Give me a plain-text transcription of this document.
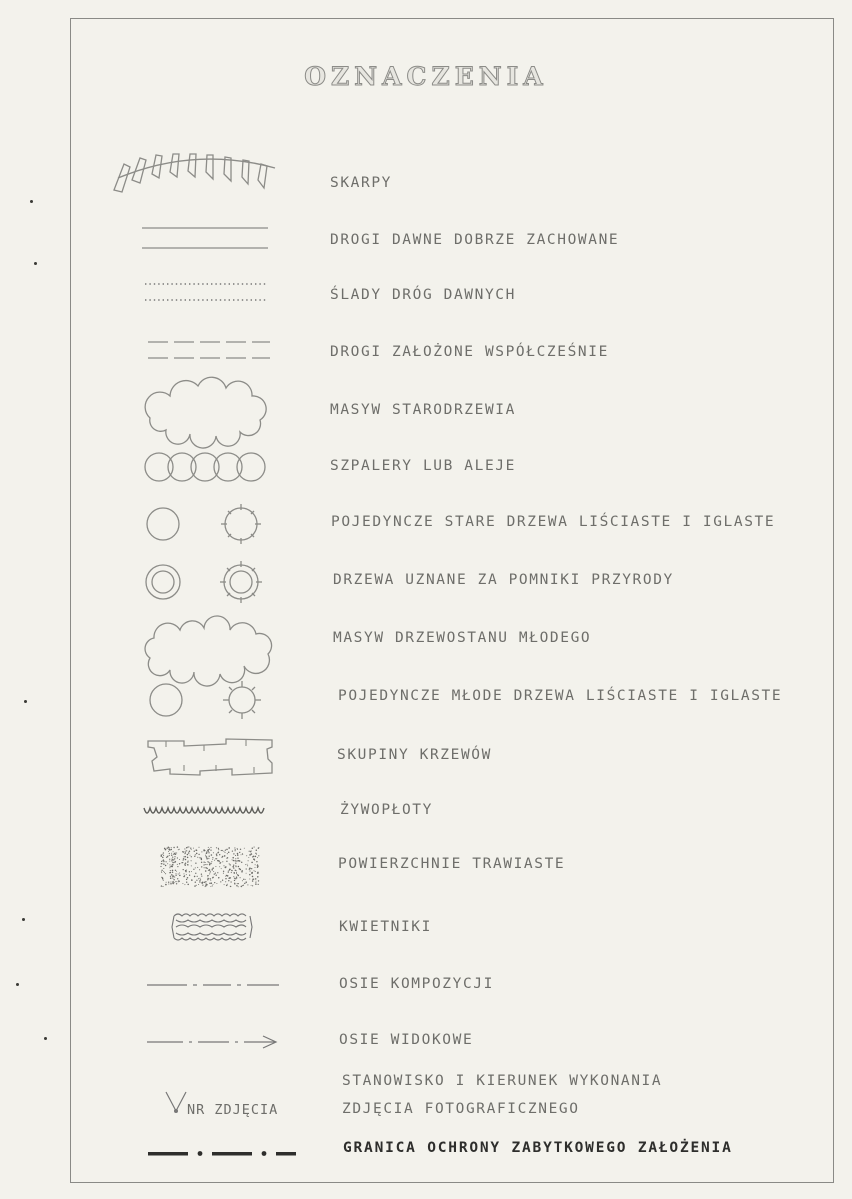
OZNACZENIA
SKARPY
DROGI DAWNE DOBRZE ZACHOWANE
ŚLADY DRÓG DAWNYCH
DROGI ZAŁOŻONE WSPÓŁCZEŚNIE
MASYW STARODRZEWIA
SZPALERY LUB ALEJE
POJEDYNCZE STARE DRZEWA LIŚCIASTE I IGLASTE
DRZEWA UZNANE ZA POMNIKI PRZYRODY
MASYW DRZEWOSTANU MŁODEGO
POJEDYNCZE MŁODE DRZEWA LIŚCIASTE I IGLASTE
SKUPINY KRZEWÓW
ŻYWOPŁOTY
POWIERZCHNIE TRAWIASTE
KWIETNIKI
OSIE KOMPOZYCJI
OSIE WIDOKOWE
NR ZDJĘCIA
STANOWISKO I KIERUNEK WYKONANIA
ZDJĘCIA FOTOGRAFICZNEGO
GRANICA OCHRONY ZABYTKOWEGO ZAŁOŻENIA
